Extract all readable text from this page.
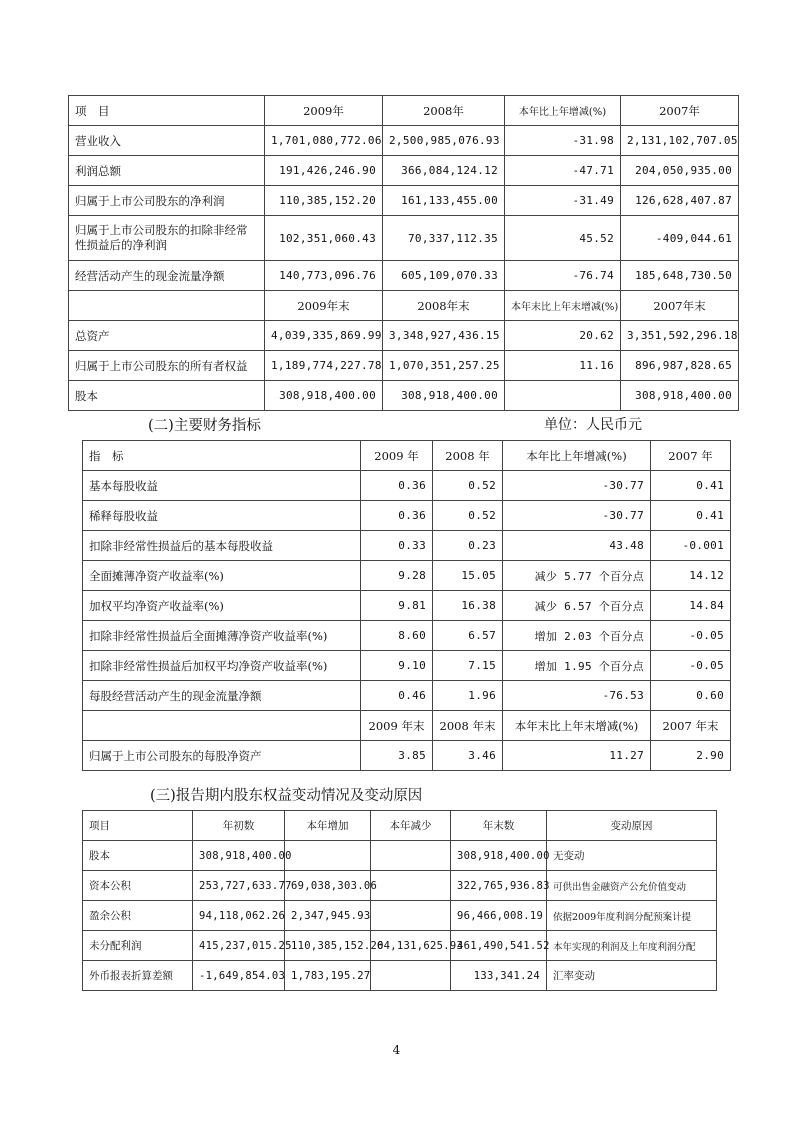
项　目	2009年	2008年	本年比上年增减(%)	2007年
营业收入	1,701,080,772.06	2,500,985,076.93	-31.98	2,131,102,707.05
利润总额	191,426,246.90	366,084,124.12	-47.71	204,050,935.00
归属于上市公司股东的净利润	110,385,152.20	161,133,455.00	-31.49	126,628,407.87
归属于上市公司股东的扣除非经常性损益后的净利润	102,351,060.43	70,337,112.35	45.52	-409,044.61
经营活动产生的现金流量净额	140,773,096.76	605,109,070.33	-76.74	185,648,730.50
	2009年末	2008年末	本年末比上年末增减(%)	2007年末
总资产	4,039,335,869.99	3,348,927,436.15	20.62	3,351,592,296.18
归属于上市公司股东的所有者权益	1,189,774,227.78	1,070,351,257.25	11.16	896,987,828.65
股本	308,918,400.00	308,918,400.00		308,918,400.00
(二)主要财务指标	单位：人民币元
指　标	2009 年	2008 年	本年比上年增减(%)	2007 年
基本每股收益	0.36	0.52	-30.77	0.41
稀释每股收益	0.36	0.52	-30.77	0.41
扣除非经常性损益后的基本每股收益	0.33	0.23	43.48	-0.001
全面摊薄净资产收益率(%)	9.28	15.05	减少 5.77 个百分点	14.12
加权平均净资产收益率(%)	9.81	16.38	减少 6.57 个百分点	14.84
扣除非经常性损益后全面摊薄净资产收益率(%)	8.60	6.57	增加 2.03 个百分点	-0.05
扣除非经常性损益后加权平均净资产收益率(%)	9.10	7.15	增加 1.95 个百分点	-0.05
每股经营活动产生的现金流量净额	0.46	1.96	-76.53	0.60
	2009 年末	2008 年末	本年末比上年末增减(%)	2007 年末
归属于上市公司股东的每股净资产	3.85	3.46	11.27	2.90
(三)报告期内股东权益变动情况及变动原因
项目	年初数	本年增加	本年减少	年末数	变动原因
股本	308,918,400.00			308,918,400.00	无变动
资本公积	253,727,633.77	69,038,303.06		322,765,936.83	可供出售金融资产公允价值变动
盈余公积	94,118,062.26	2,347,945.93		96,466,008.19	依据2009年度利润分配预案计提
未分配利润	415,237,015.25	110,385,152.20	64,131,625.93	461,490,541.52	本年实现的利润及上年度利润分配
外币报表折算差额	-1,649,854.03	1,783,195.27		133,341.24	汇率变动
4
